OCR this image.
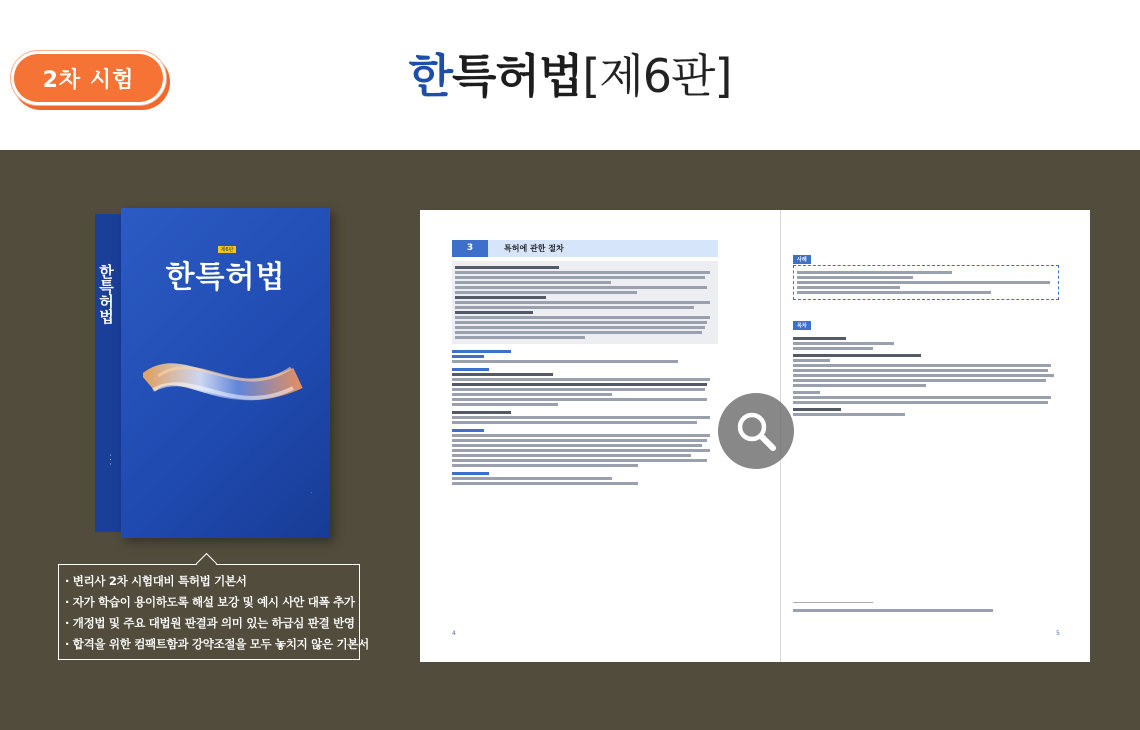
2차 시험	한특허법[제6판]
한특허법
· · ·
제6판
한특허법
·
· 변리사 2차 시험대비 특허법 기본서
· 자가 학습이 용이하도록 해설 보강 및 예시 사안 대폭 추가
· 개정법 및 주요 대법원 판결과 의미 있는 하급심 판결 반영
· 합격을 위한 컴팩트함과 강약조절을 모두 놓치지 않은 기본서
3	특허에 관한 절차
4
사례
목차
5
